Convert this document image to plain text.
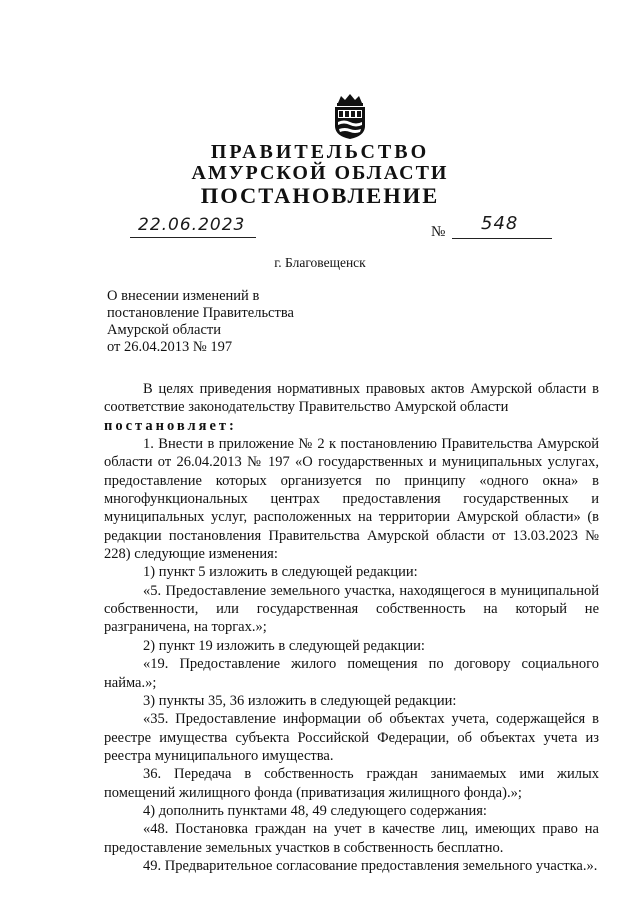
ПРАВИТЕЛЬСТВО
АМУРСКОЙ ОБЛАСТИ
ПОСТАНОВЛЕНИЕ
22.06.2023	№ 548
г. Благовещенск
О внесении изменений в
постановление Правительства
Амурской области
от 26.04.2013 № 197

В целях приведения нормативных правовых актов Амурской области в соответствие законодательству Правительство Амурской области

постановляет:

1. Внести в приложение № 2 к постановлению Правительства Амурской области от 26.04.2013 № 197 «О государственных и муниципальных услугах, предоставление которых организуется по принципу «одного окна» в многофункциональных центрах предоставления государственных и муниципальных услуг, расположенных на территории Амурской области» (в редакции постановления Правительства Амурской области от 13.03.2023 № 228) следующие изменения:

1) пункт 5 изложить в следующей редакции:

«5. Предоставление земельного участка, находящегося в муниципальной собственности, или государственная собственность на который не разграничена, на торгах.»;

2) пункт 19 изложить в следующей редакции:

«19. Предоставление жилого помещения по договору социального найма.»;

3) пункты 35, 36 изложить в следующей редакции:

«35. Предоставление информации об объектах учета, содержащейся в реестре имущества субъекта Российской Федерации, об объектах учета из реестра муниципального имущества.

36. Передача в собственность граждан занимаемых ими жилых помещений жилищного фонда (приватизация жилищного фонда).»;

4) дополнить пунктами 48, 49 следующего содержания:

«48. Постановка граждан на учет в качестве лиц, имеющих право на предоставление земельных участков в собственность бесплатно.

49. Предварительное согласование предоставления земельного участка.».
